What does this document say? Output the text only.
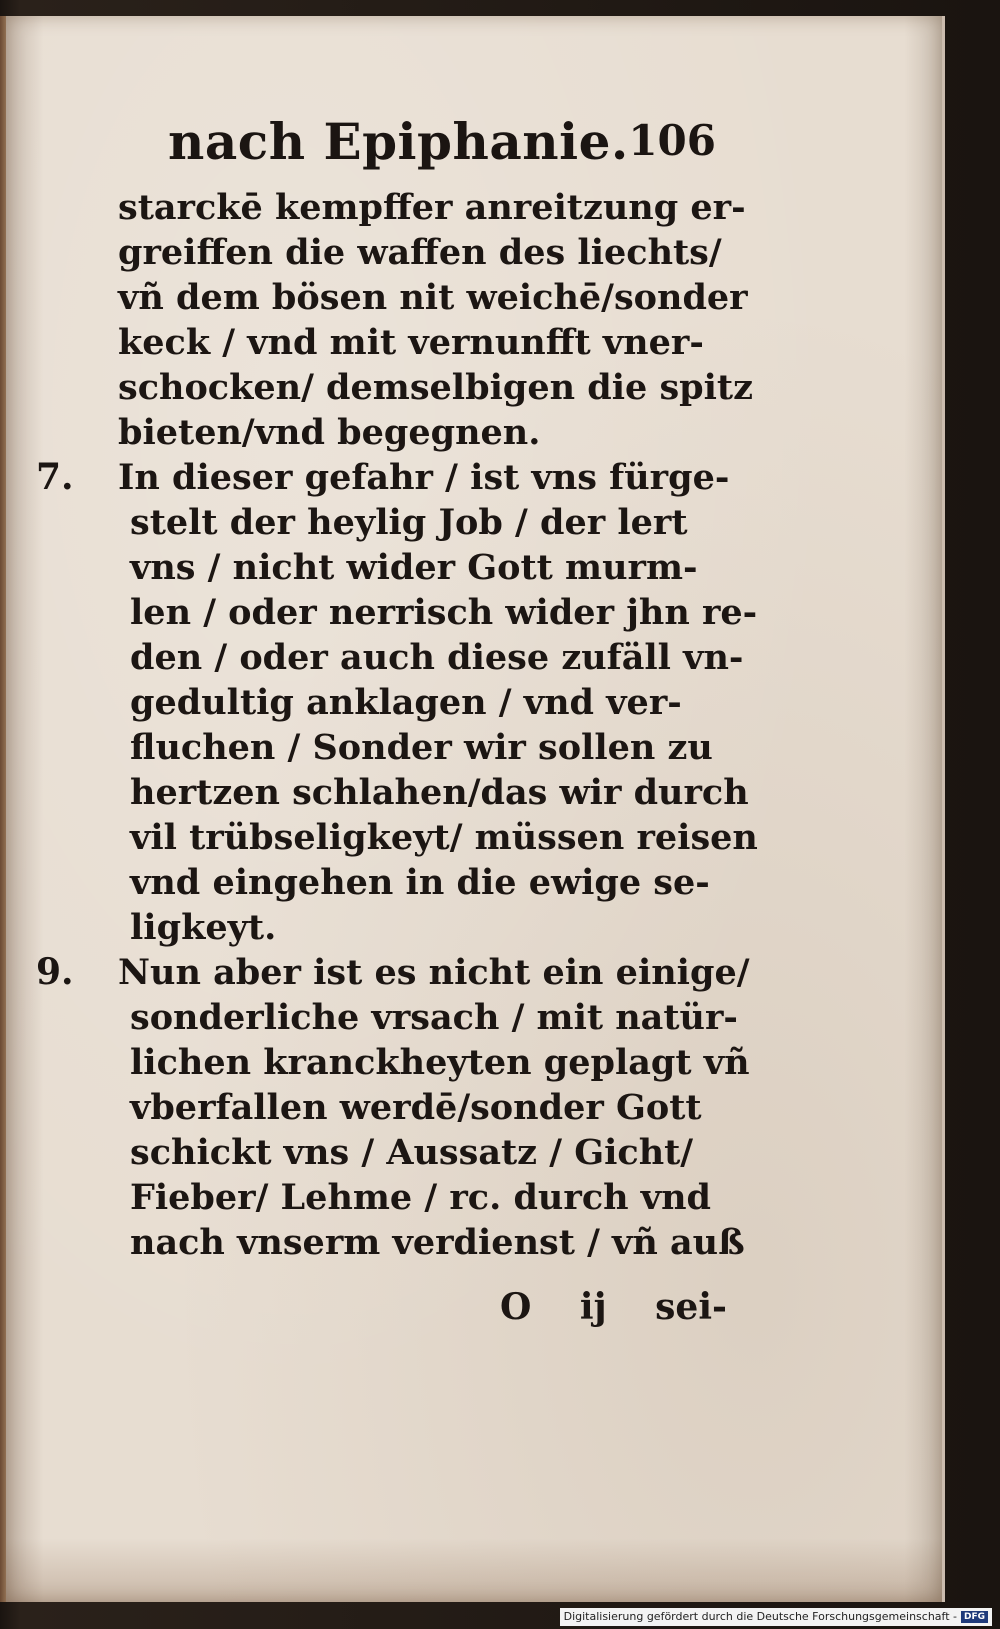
nach Epiphanie. 106
starckē kempffer anreitzung er-
greiffen die waffen des liechts/
vñ dem bösen nit weichē/sonder
keck / vnd mit vernunfft vner-
schocken/ demselbigen die spitz
bieten/vnd begegnen.
7.	In dieser gefahr / ist vns fürge-
stelt der heylig Job / der lert
vns / nicht wider Gott murm-
len / oder nerrisch wider jhn re-
den / oder auch diese zufäll vn-
gedultig anklagen / vnd ver-
fluchen / Sonder wir sollen zu
hertzen schlahen/das wir durch
vil trübseligkeyt/ müssen reisen
vnd eingehen in die ewige se-
ligkeyt.
9.	Nun aber ist es nicht ein einige/
sonderliche vrsach / mit natür-
lichen kranckheyten geplagt vñ
vberfallen werdē/sonder Gott
schickt vns / Aussatz / Gicht/
Fieber/ Lehme / rc. durch vnd
nach vnserm verdienst / vñ auß
O ij sei-
Digitalisierung gefördert durch die Deutsche Forschungsgemeinschaft - DFG
